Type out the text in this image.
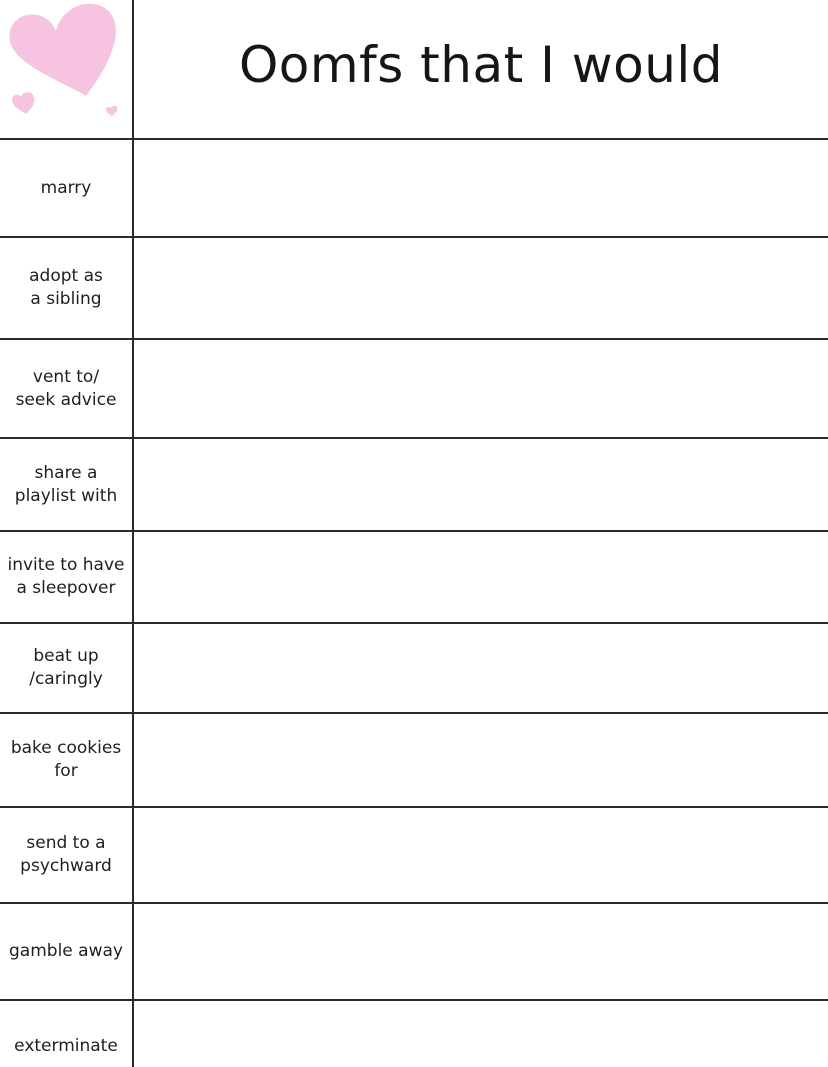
Oomfs that I would
marry
adopt as
a sibling
vent to/
seek advice
share a
playlist with
invite to have
a sleepover
beat up
/caringly
bake cookies
for
send to a
psychward
gamble away
exterminate
